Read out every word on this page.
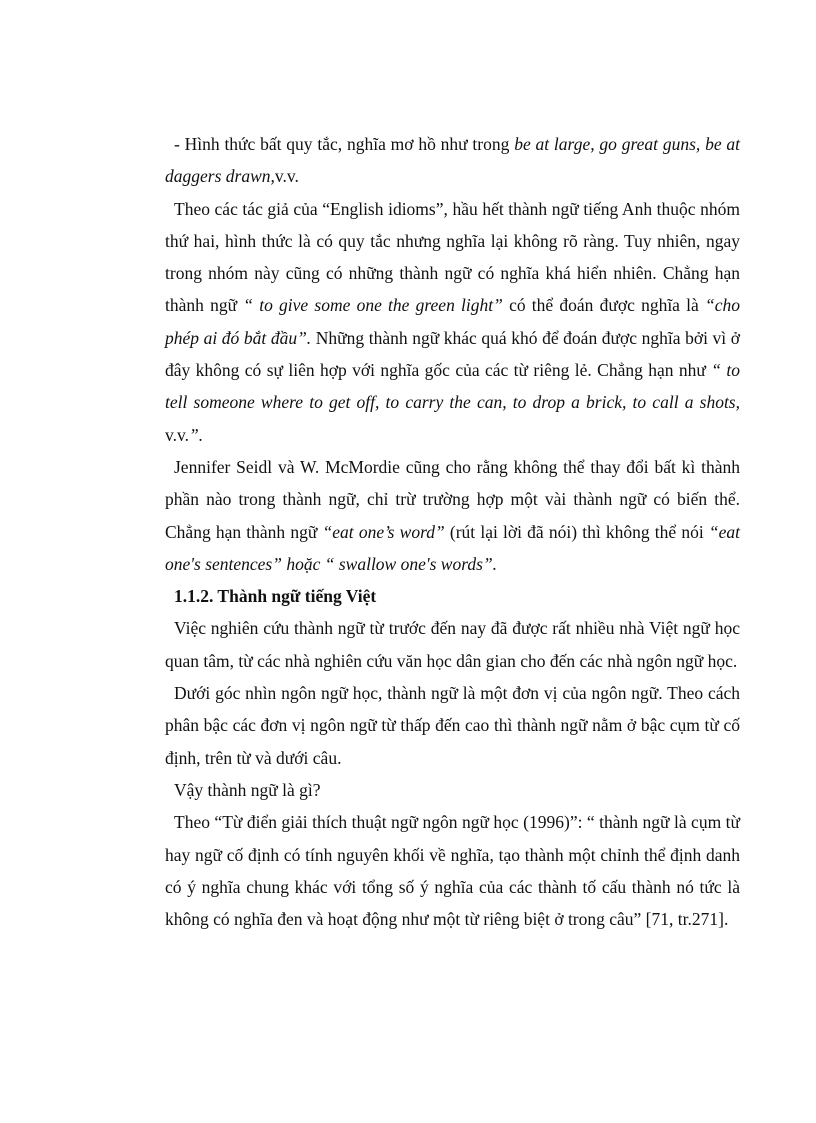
- Hình thức bất quy tắc, nghĩa mơ hồ như trong be at large, go great guns, be at daggers drawn,v.v.

Theo các tác giả của “English idioms”, hầu hết thành ngữ tiếng Anh thuộc nhóm thứ hai, hình thức là có quy tắc nhưng nghĩa lại không rõ ràng. Tuy nhiên, ngay trong nhóm này cũng có những thành ngữ có nghĩa khá hiển nhiên. Chẳng hạn thành ngữ “ to give some one the green light” có thể đoán được nghĩa là “cho phép ai đó bắt đầu”. Những thành ngữ khác quá khó để đoán được nghĩa bởi vì ở đây không có sự liên hợp với nghĩa gốc của các từ riêng lẻ. Chẳng hạn như “ to tell someone where to get off, to carry the can, to drop a brick, to call a shots, v.v.”.

Jennifer Seidl và W. McMordie cũng cho rằng không thể thay đổi bất kì thành phần nào trong thành ngữ, chỉ trừ trường hợp một vài thành ngữ có biến thể. Chẳng hạn thành ngữ “eat one’s word” (rút lại lời đã nói) thì không thể nói “eat one's sentences” hoặc “ swallow one's words”.

1.1.2. Thành ngữ tiếng Việt

Việc nghiên cứu thành ngữ từ trước đến nay đã được rất nhiều nhà Việt ngữ học quan tâm, từ các nhà nghiên cứu văn học dân gian cho đến các nhà ngôn ngữ học.

Dưới góc nhìn ngôn ngữ học, thành ngữ là một đơn vị của ngôn ngữ. Theo cách phân bậc các đơn vị ngôn ngữ từ thấp đến cao thì thành ngữ nằm ở bậc cụm từ cố định, trên từ và dưới câu.

Vậy thành ngữ là gì?

Theo “Từ điển giải thích thuật ngữ ngôn ngữ học (1996)”: “ thành ngữ là cụm từ hay ngữ cố định có tính nguyên khối về nghĩa, tạo thành một chỉnh thể định danh có ý nghĩa chung khác với tổng số ý nghĩa của các thành tố cấu thành nó tức là không có nghĩa đen và hoạt động như một từ riêng biệt ở trong câu” [71, tr.271].
